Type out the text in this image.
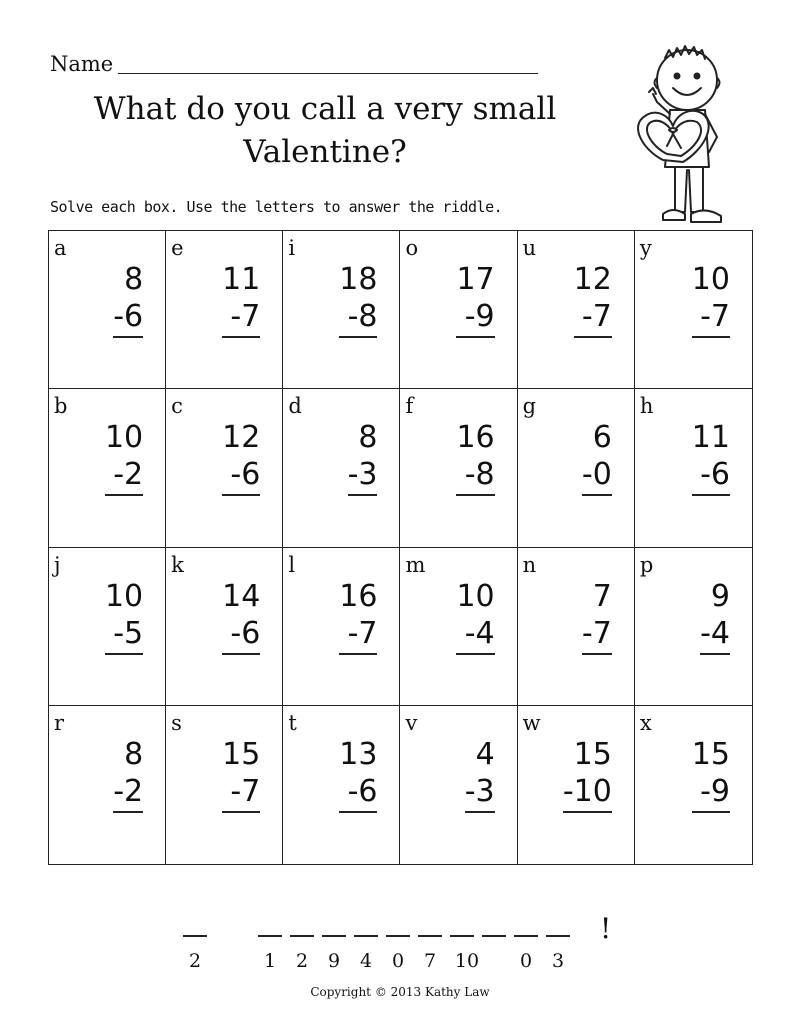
Name
What do you call a very small
Valentine?
Solve each box. Use the letters to answer the riddle.
a
8
-6
e
11
-7
i
18
-8
o
17
-9
u
12
-7
y
10
-7
b
10
-2
c
12
-6
d
8
-3
f
16
-8
g
6
-0
h
11
-6
j
10
-5
k
14
-6
l
16
-7
m
10
-4
n
7
-7
p
9
-4
r
8
-2
s
15
-7
t
13
-6
v
4
-3
w
15
-10
x
15
-9
2	1	2	9	4	0	7 10	0	3
!
Copyright © 2013 Kathy Law
